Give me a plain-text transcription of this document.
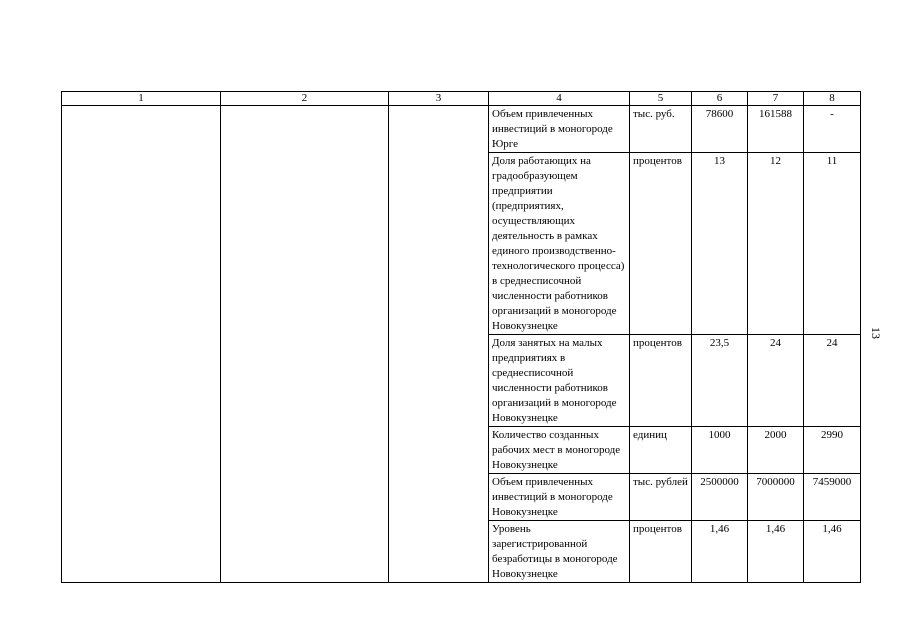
1	2	3	4	5	6	7	8
			Объем привлеченных инвестиций в моногороде Юрге	тыс. руб.	78600	161588	-
			Доля работающих на градообразующем предприятии (предприятиях, осуществляющих деятельность в рамках единого производственно-технологического процесса) в среднесписочной численности работников организаций в моногороде Новокузнецке	процентов	13	12	11
			Доля занятых на малых предприятиях в среднесписочной численности работников организаций в моногороде Новокузнецке	процентов	23,5	24	24
			Количество созданных рабочих мест в моногороде Новокузнецке	единиц	1000	2000	2990
			Объем привлеченных инвестиций в моногороде Новокузнецке	тыс. рублей	2500000	7000000	7459000
			Уровень зарегистрированной безработицы в моногороде Новокузнецке	процентов	1,46	1,46	1,46
13
